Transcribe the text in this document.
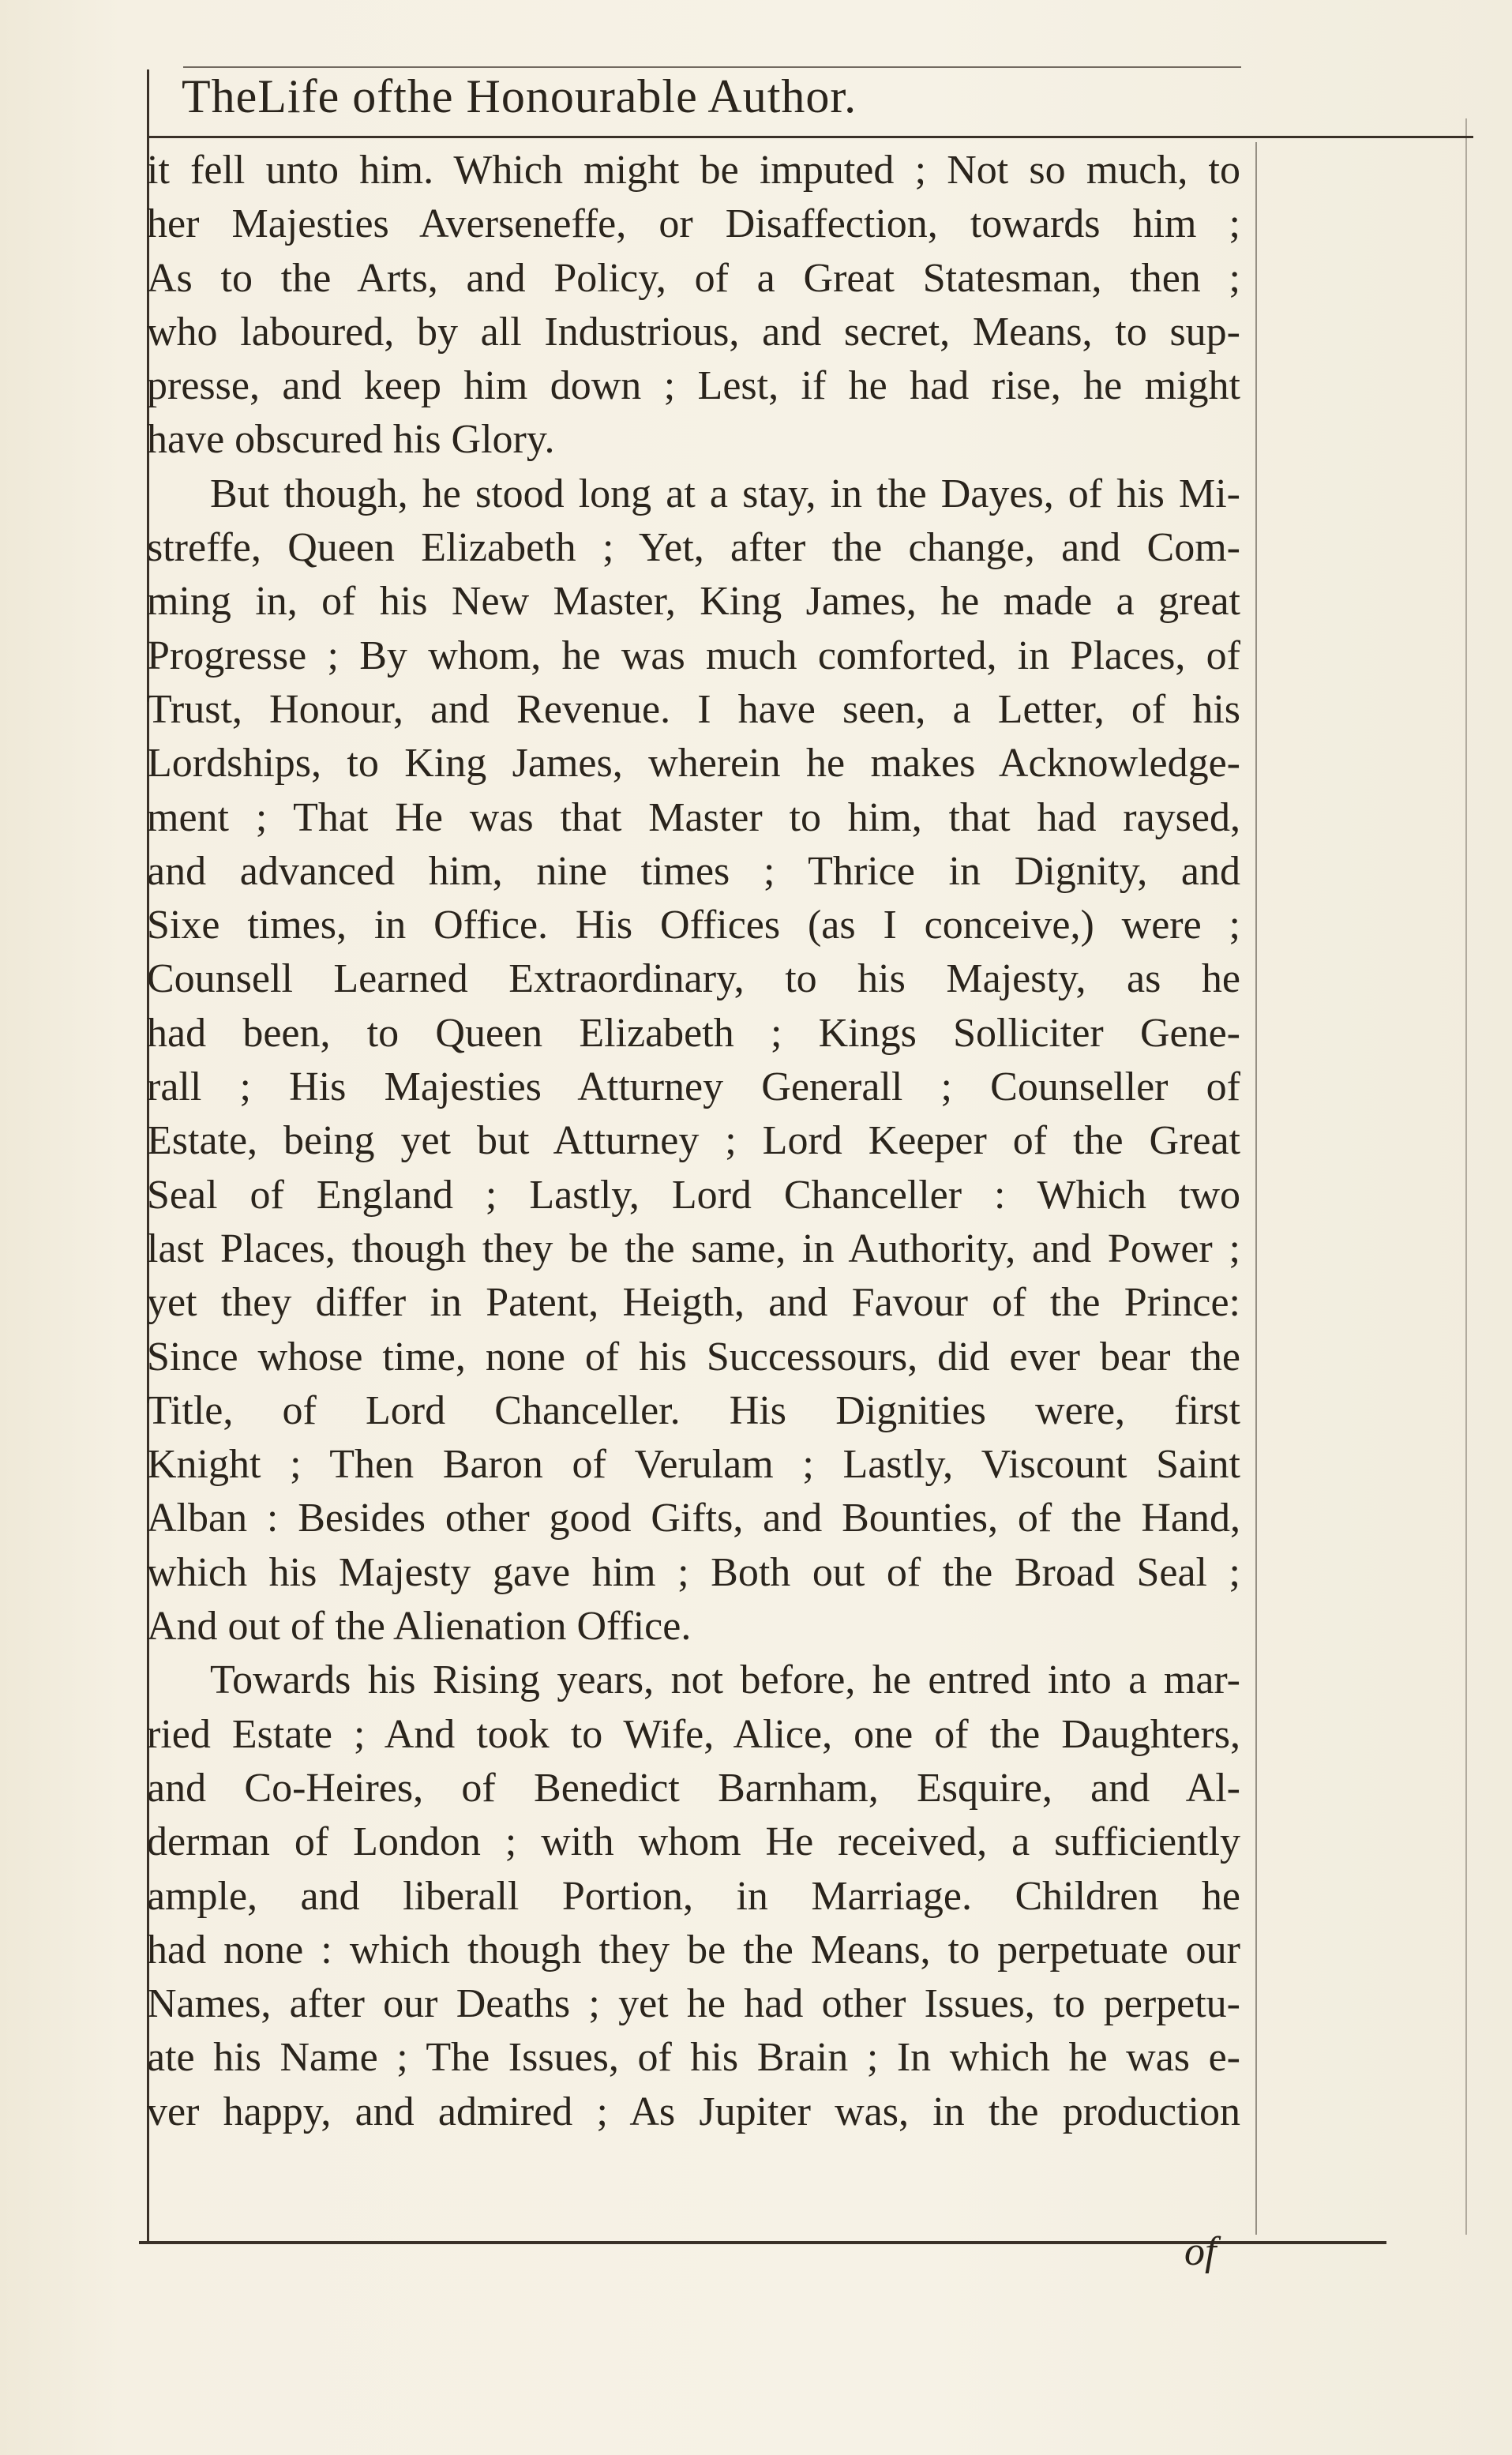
TheLife ofthe Honourable Author.
it fell unto him. Which might be imputed ; Not so much, to
her Majesties Averseneffe, or Disaffection, towards him ;
As to the Arts, and Policy, of a Great Statesman, then ;
who laboured, by all Industrious, and secret, Means, to sup-
presse, and keep him down ; Lest, if he had rise, he might
have obscured his Glory.
But though, he stood long at a stay, in the Dayes, of his Mi-
streffe, Queen Elizabeth ; Yet, after the change, and Com-
ming in, of his New Master, King James, he made a great
Progresse ; By whom, he was much comforted, in Places, of
Trust, Honour, and Revenue. I have seen, a Letter, of his
Lordships, to King James, wherein he makes Acknowledge-
ment ; That He was that Master to him, that had raysed,
and advanced him, nine times ; Thrice in Dignity, and
Sixe times, in Office. His Offices (as I conceive,) were ;
Counsell Learned Extraordinary, to his Majesty, as he
had been, to Queen Elizabeth ; Kings Solliciter Gene-
rall ; His Majesties Atturney Generall ; Counseller of
Estate, being yet but Atturney ; Lord Keeper of the Great
Seal of England ; Lastly, Lord Chanceller : Which two
last Places, though they be the same, in Authority, and Power ;
yet they differ in Patent, Heigth, and Favour of the Prince:
Since whose time, none of his Successours, did ever bear the
Title, of Lord Chanceller. His Dignities were, first
Knight ; Then Baron of Verulam ; Lastly, Viscount Saint
Alban : Besides other good Gifts, and Bounties, of the Hand,
which his Majesty gave him ; Both out of the Broad Seal ;
And out of the Alienation Office.
Towards his Rising years, not before, he entred into a mar-
ried Estate ; And took to Wife, Alice, one of the Daughters,
and Co-Heires, of Benedict Barnham, Esquire, and Al-
derman of London ; with whom He received, a sufficiently
ample, and liberall Portion, in Marriage. Children he
had none : which though they be the Means, to perpetuate our
Names, after our Deaths ; yet he had other Issues, to perpetu-
ate his Name ; The Issues, of his Brain ; In which he was e-
ver happy, and admired ; As Jupiter was, in the production
of
